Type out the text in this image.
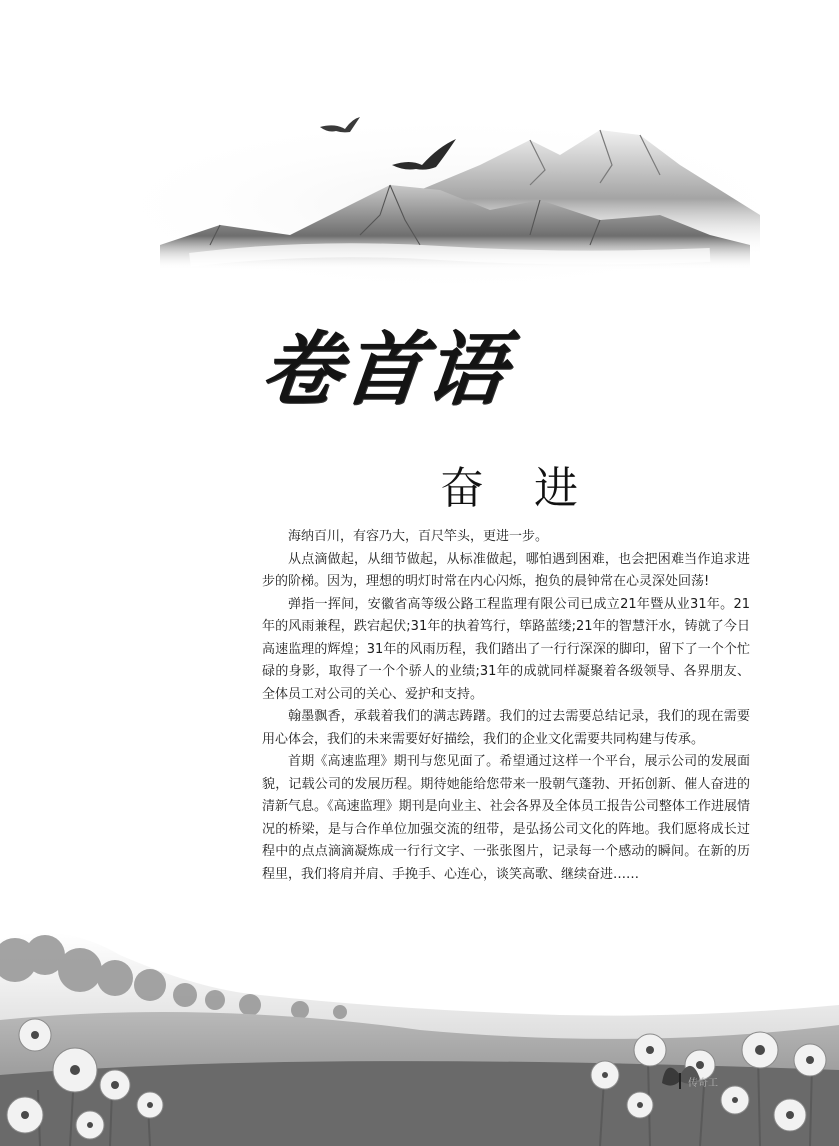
卷首语
奋 进

海纳百川，有容乃大，百尺竿头，更进一步。

从点滴做起，从细节做起，从标准做起，哪怕遇到困难，也会把困难当作追求进步的阶梯。因为，理想的明灯时常在内心闪烁，抱负的晨钟常在心灵深处回荡!

弹指一挥间，安徽省高等级公路工程监理有限公司已成立21年暨从业31年。21年的风雨兼程，跌宕起伏;31年的执着笃行，筚路蓝缕;21年的智慧汗水，铸就了今日高速监理的辉煌；31年的风雨历程，我们踏出了一行行深深的脚印，留下了一个个忙碌的身影，取得了一个个骄人的业绩;31年的成就同样凝聚着各级领导、各界朋友、全体员工对公司的关心、爱护和支持。

翰墨飘香，承载着我们的满志踌躇。我们的过去需要总结记录，我们的现在需要用心体会，我们的未来需要好好描绘，我们的企业文化需要共同构建与传承。

首期《高速监理》期刊与您见面了。希望通过这样一个平台，展示公司的发展面貌，记载公司的发展历程。期待她能给您带来一股朝气蓬勃、开拓创新、催人奋进的清新气息。《高速监理》期刊是向业主、社会各界及全体员工报告公司整体工作进展情况的桥梁，是与合作单位加强交流的纽带，是弘扬公司文化的阵地。我们愿将成长过程中的点点滴滴凝炼成一行行文字、一张张图片，记录每一个感动的瞬间。在新的历程里，我们将肩并肩、手挽手、心连心，谈笑高歌、继续奋进……

传奇工
